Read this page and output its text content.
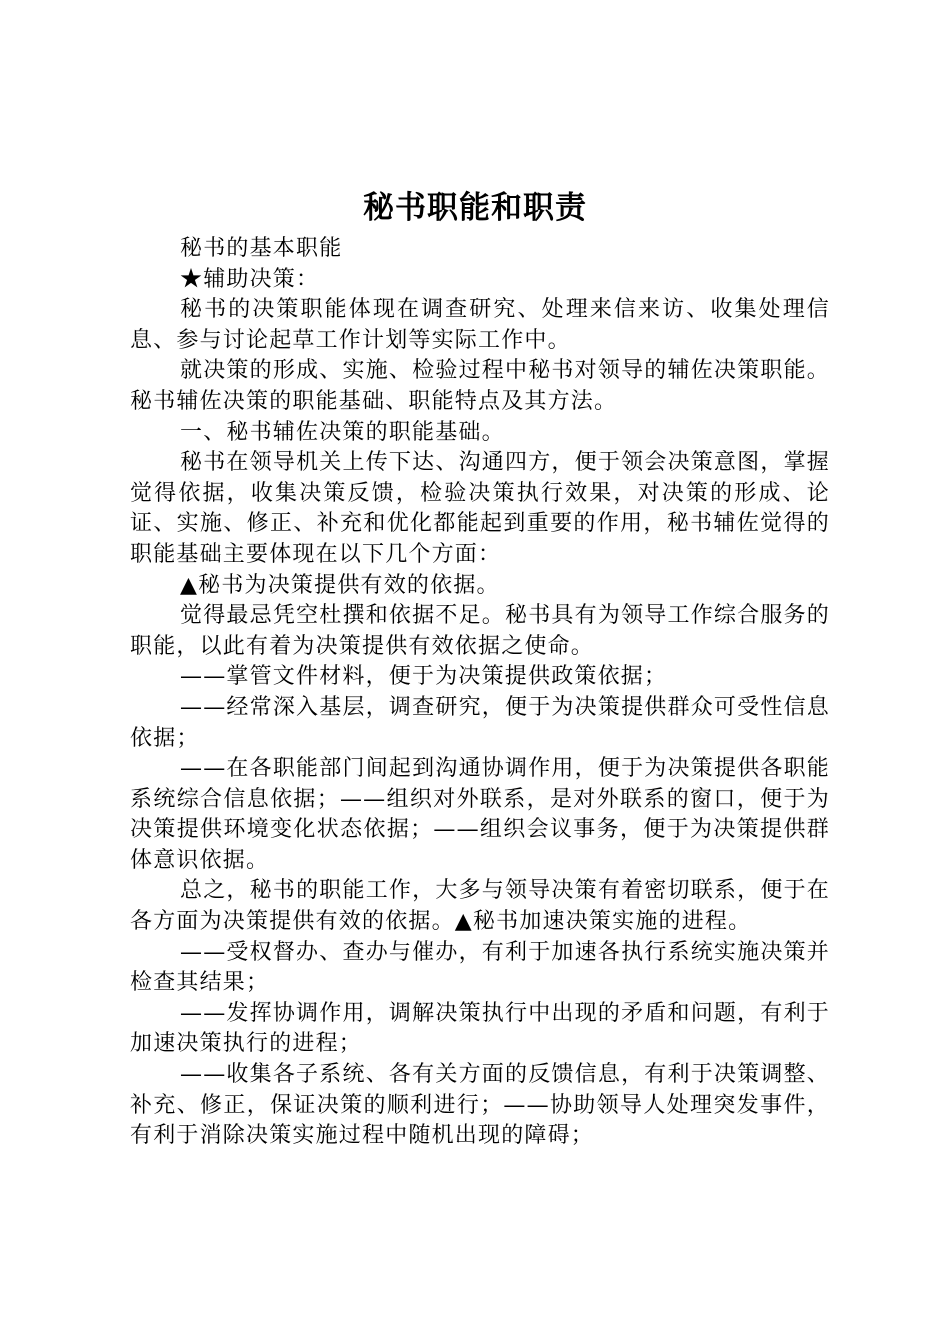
秘书职能和职责

秘书的基本职能

★辅助决策：

秘书的决策职能体现在调查研究、处理来信来访、收集处理信息、参与讨论起草工作计划等实际工作中。

就决策的形成、实施、检验过程中秘书对领导的辅佐决策职能。秘书辅佐决策的职能基础、职能特点及其方法。

一、秘书辅佐决策的职能基础。

秘书在领导机关上传下达、沟通四方，便于领会决策意图，掌握觉得依据，收集决策反馈，检验决策执行效果，对决策的形成、论证、实施、修正、补充和优化都能起到重要的作用，秘书辅佐觉得的职能基础主要体现在以下几个方面：

▲秘书为决策提供有效的依据。

觉得最忌凭空杜撰和依据不足。秘书具有为领导工作综合服务的职能，以此有着为决策提供有效依据之使命。

——掌管文件材料，便于为决策提供政策依据；

——经常深入基层，调查研究，便于为决策提供群众可受性信息依据；

——在各职能部门间起到沟通协调作用，便于为决策提供各职能系统综合信息依据；——组织对外联系，是对外联系的窗口，便于为决策提供环境变化状态依据；——组织会议事务，便于为决策提供群体意识依据。

总之，秘书的职能工作，大多与领导决策有着密切联系，便于在各方面为决策提供有效的依据。▲秘书加速决策实施的进程。

——受权督办、查办与催办，有利于加速各执行系统实施决策并检查其结果；

——发挥协调作用，调解决策执行中出现的矛盾和问题，有利于加速决策执行的进程；

——收集各子系统、各有关方面的反馈信息，有利于决策调整、补充、修正，保证决策的顺利进行；——协助领导人处理突发事件，有利于消除决策实施过程中随机出现的障碍；
